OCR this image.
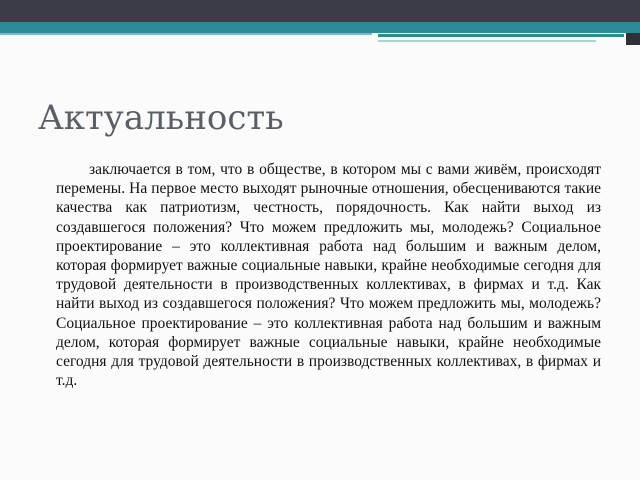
Актуальность

заключается в том, что в обществе, в котором мы с вами живём, происходят перемены. На первое место выходят рыночные отношения, обесцениваются такие качества как патриотизм, честность, порядочность. Как найти выход из создавшегося положения? Что можем предложить мы, молодежь? Социальное проектирование – это коллективная работа над большим и важным делом, которая формирует важные социальные навыки, крайне необходимые сегодня для трудовой деятельности в производственных коллективах, в фирмах и т.д. Как найти выход из создавшегося положения? Что можем предложить мы, молодежь? Социальное проектирование – это коллективная работа над большим и важным делом, которая формирует важные социальные навыки, крайне необходимые сегодня для трудовой деятельности в производственных коллективах, в фирмах и т.д.
